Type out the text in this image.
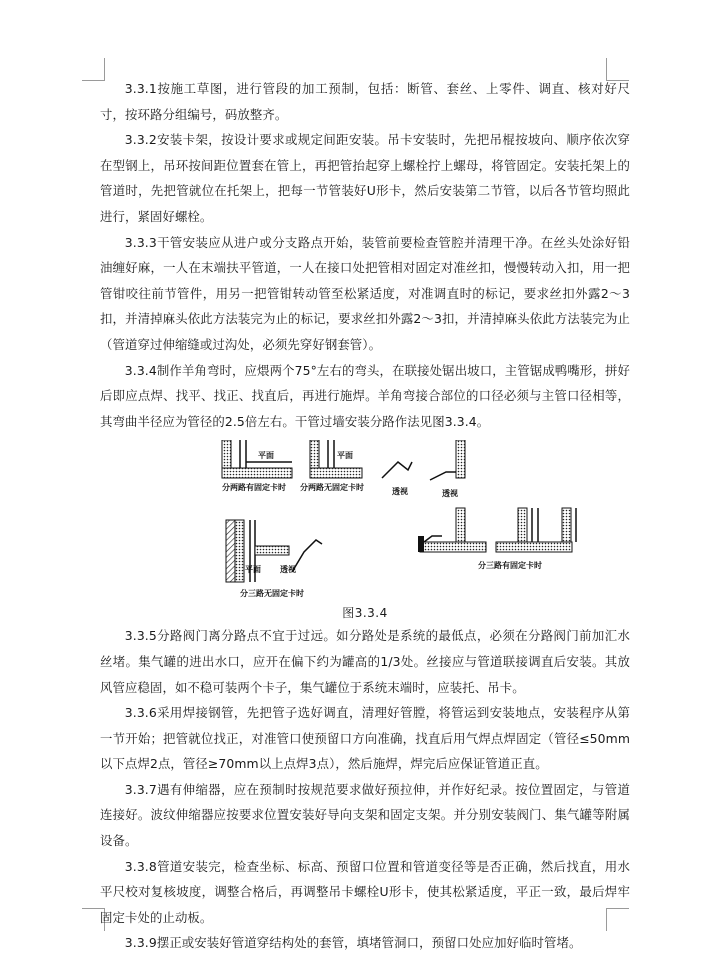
3.3.1按施工草图，进行管段的加工预制，包括：断管、套丝、上零件、调直、核对好尺寸，按环路分组编号，码放整齐。

3.3.2安装卡架，按设计要求或规定间距安装。吊卡安装时，先把吊棍按坡向、顺序依次穿在型钢上，吊环按间距位置套在管上，再把管抬起穿上螺栓拧上螺母，将管固定。安装托架上的管道时，先把管就位在托架上，把每一节管装好U形卡，然后安装第二节管，以后各节管均照此进行，紧固好螺栓。

3.3.3干管安装应从进户或分支路点开始，装管前要检查管腔并清理干净。在丝头处涂好铅油缠好麻，一人在末端扶平管道，一人在接口处把管相对固定对准丝扣，慢慢转动入扣，用一把管钳咬往前节管件，用另一把管钳转动管至松紧适度，对准调直时的标记，要求丝扣外露2～3扣，并清掉麻头依此方法装完为止的标记，要求丝扣外露2～3扣，并清掉麻头依此方法装完为止（管道穿过伸缩缝或过沟处，必须先穿好钢套管）。

3.3.4制作羊角弯时，应煨两个75°左右的弯头，在联接处锯出坡口，主管锯成鸭嘴形，拼好后即应点焊、找平、找正、找直后，再进行施焊。羊角弯接合部位的口径必须与主管口径相等，其弯曲半径应为管径的2.5倍左右。干管过墙安装分路作法见图3.3.4。

平面	平面
分两路有固定卡时 分两路无固定卡时	透视	透视
平面 透视
分三路无固定卡时
分三路有固定卡时
图3.3.4

3.3.5分路阀门离分路点不宜于过远。如分路处是系统的最低点，必须在分路阀门前加汇水丝堵。集气罐的进出水口，应开在偏下约为罐高的1/3处。丝接应与管道联接调直后安装。其放风管应稳固，如不稳可装两个卡子，集气罐位于系统末端时，应装托、吊卡。

3.3.6采用焊接钢管，先把管子选好调直，清理好管膛，将管运到安装地点，安装程序从第一节开始；把管就位找正，对准管口使预留口方向准确，找直后用气焊点焊固定（管径≤50mm以下点焊2点，管径≥70mm以上点焊3点），然后施焊，焊完后应保证管道正直。

3.3.7遇有伸缩器，应在预制时按规范要求做好预拉伸，并作好纪录。按位置固定，与管道连接好。波纹伸缩器应按要求位置安装好导向支架和固定支架。并分别安装阀门、集气罐等附属设备。

3.3.8管道安装完，检查坐标、标高、预留口位置和管道变径等是否正确，然后找直，用水平尺校对复核坡度，调整合格后，再调整吊卡螺栓U形卡，使其松紧适度，平正一致，最后焊牢固定卡处的止动板。

3.3.9摆正或安装好管道穿结构处的套管，填堵管洞口，预留口处应加好临时管堵。
